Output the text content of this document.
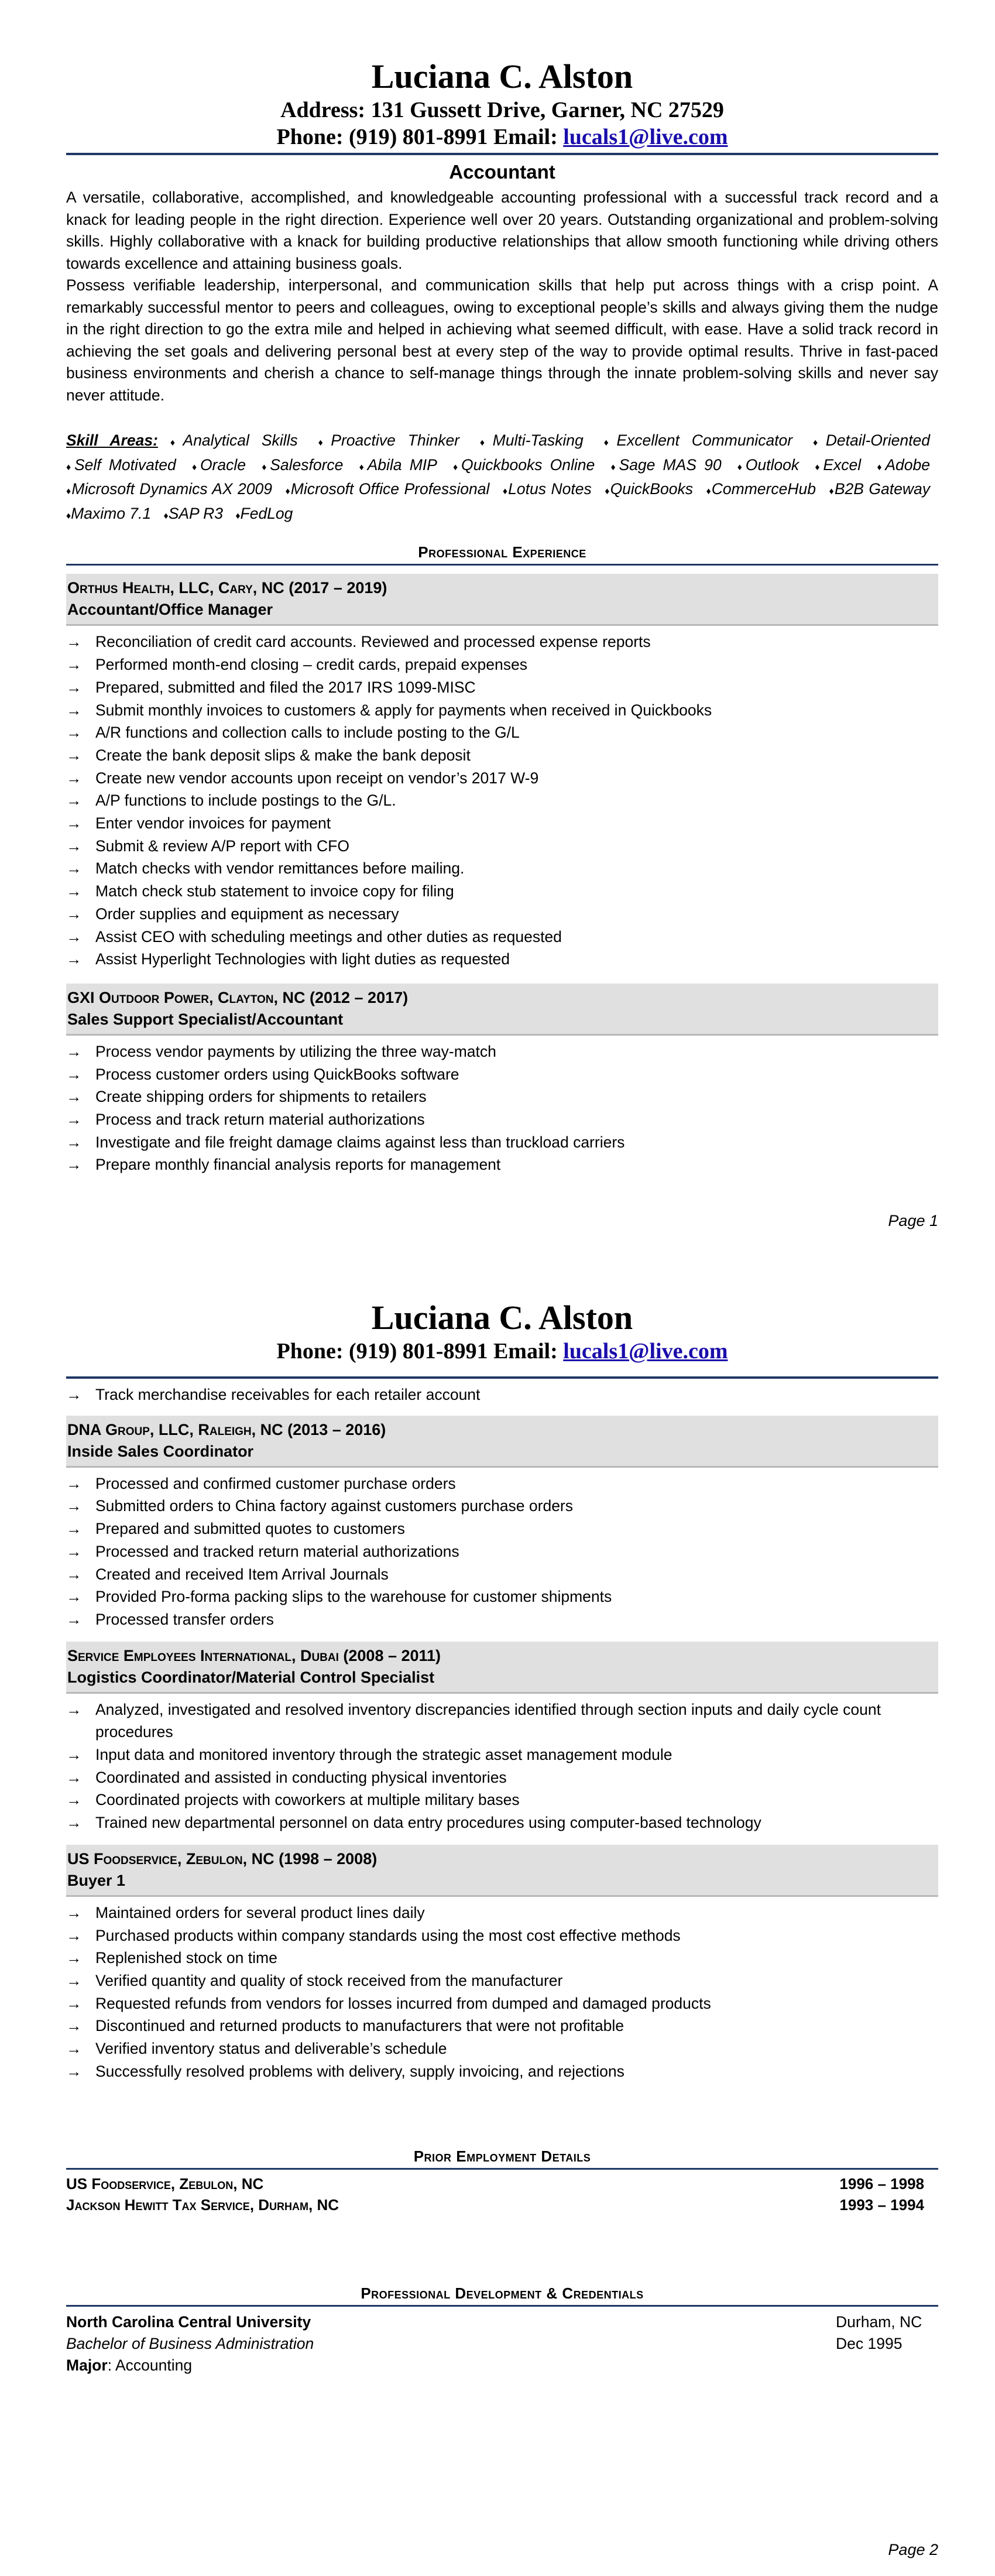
Luciana C. Alston
Address: 131 Gussett Drive, Garner, NC 27529
Phone: (919) 801-8991 Email: lucals1@live.com
Accountant

A versatile, collaborative, accomplished, and knowledgeable accounting professional with a successful track record and a knack for leading people in the right direction. Experience well over 20 years. Outstanding organizational and problem-solving skills. Highly collaborative with a knack for building productive relationships that allow smooth functioning while driving others towards excellence and attaining business goals.

Possess verifiable leadership, interpersonal, and communication skills that help put across things with a crisp point. A remarkably successful mentor to peers and colleagues, owing to exceptional people’s skills and always giving them the nudge in the right direction to go the extra mile and helped in achieving what seemed difficult, with ease. Have a solid track record in achieving the set goals and delivering personal best at every step of the way to provide optimal results. Thrive in fast-paced business environments and cherish a chance to self-manage things through the innate problem-solving skills and never say never attitude.

Skill Areas: ♦Analytical Skills ♦Proactive Thinker ♦Multi-Tasking ♦Excellent Communicator ♦Detail-Oriented ♦Self Motivated ♦Oracle ♦Salesforce ♦Abila MIP ♦Quickbooks Online ♦Sage MAS 90 ♦Outlook ♦Excel ♦Adobe ♦Microsoft Dynamics AX 2009 ♦Microsoft Office Professional ♦Lotus Notes ♦QuickBooks ♦CommerceHub ♦B2B Gateway ♦Maximo 7.1 ♦SAP R3 ♦FedLog
Professional Experience
Orthus Health, LLC, Cary, NC (2017 – 2019)
Accountant/Office Manager
→ Reconciliation of credit card accounts. Reviewed and processed expense reports
→ Performed month-end closing – credit cards, prepaid expenses
→ Prepared, submitted and filed the 2017 IRS 1099-MISC
→ Submit monthly invoices to customers & apply for payments when received in Quickbooks
→ A/R functions and collection calls to include posting to the G/L
→ Create the bank deposit slips & make the bank deposit
→ Create new vendor accounts upon receipt on vendor’s 2017 W-9
→ A/P functions to include postings to the G/L.
→ Enter vendor invoices for payment
→ Submit & review A/P report with CFO
→ Match checks with vendor remittances before mailing.
→ Match check stub statement to invoice copy for filing
→ Order supplies and equipment as necessary
→ Assist CEO with scheduling meetings and other duties as requested
→ Assist Hyperlight Technologies with light duties as requested
GXI Outdoor Power, Clayton, NC (2012 – 2017)
Sales Support Specialist/Accountant
→ Process vendor payments by utilizing the three way-match
→ Process customer orders using QuickBooks software
→ Create shipping orders for shipments to retailers
→ Process and track return material authorizations
→ Investigate and file freight damage claims against less than truckload carriers
→ Prepare monthly financial analysis reports for management
Page 1
Luciana C. Alston
Phone: (919) 801-8991 Email: lucals1@live.com
→ Track merchandise receivables for each retailer account
DNA Group, LLC, Raleigh, NC (2013 – 2016)
Inside Sales Coordinator
→ Processed and confirmed customer purchase orders
→ Submitted orders to China factory against customers purchase orders
→ Prepared and submitted quotes to customers
→ Processed and tracked return material authorizations
→ Created and received Item Arrival Journals
→ Provided Pro-forma packing slips to the warehouse for customer shipments
→ Processed transfer orders
Service Employees International, Dubai (2008 – 2011)
Logistics Coordinator/Material Control Specialist
→ Analyzed, investigated and resolved inventory discrepancies identified through section inputs and daily cycle count procedures
→ Input data and monitored inventory through the strategic asset management module
→ Coordinated and assisted in conducting physical inventories
→ Coordinated projects with coworkers at multiple military bases
→ Trained new departmental personnel on data entry procedures using computer-based technology
US Foodservice, Zebulon, NC (1998 – 2008)
Buyer 1
→ Maintained orders for several product lines daily
→ Purchased products within company standards using the most cost effective methods
→ Replenished stock on time
→ Verified quantity and quality of stock received from the manufacturer
→ Requested refunds from vendors for losses incurred from dumped and damaged products
→ Discontinued and returned products to manufacturers that were not profitable
→ Verified inventory status and deliverable’s schedule
→ Successfully resolved problems with delivery, supply invoicing, and rejections
Prior Employment Details
US Foodservice, Zebulon, NC	1996 – 1998
Jackson Hewitt Tax Service, Durham, NC	1993 – 1994
Professional Development & Credentials
North Carolina Central University	Durham, NC
Bachelor of Business Administration	Dec 1995
Major: Accounting
Page 2
